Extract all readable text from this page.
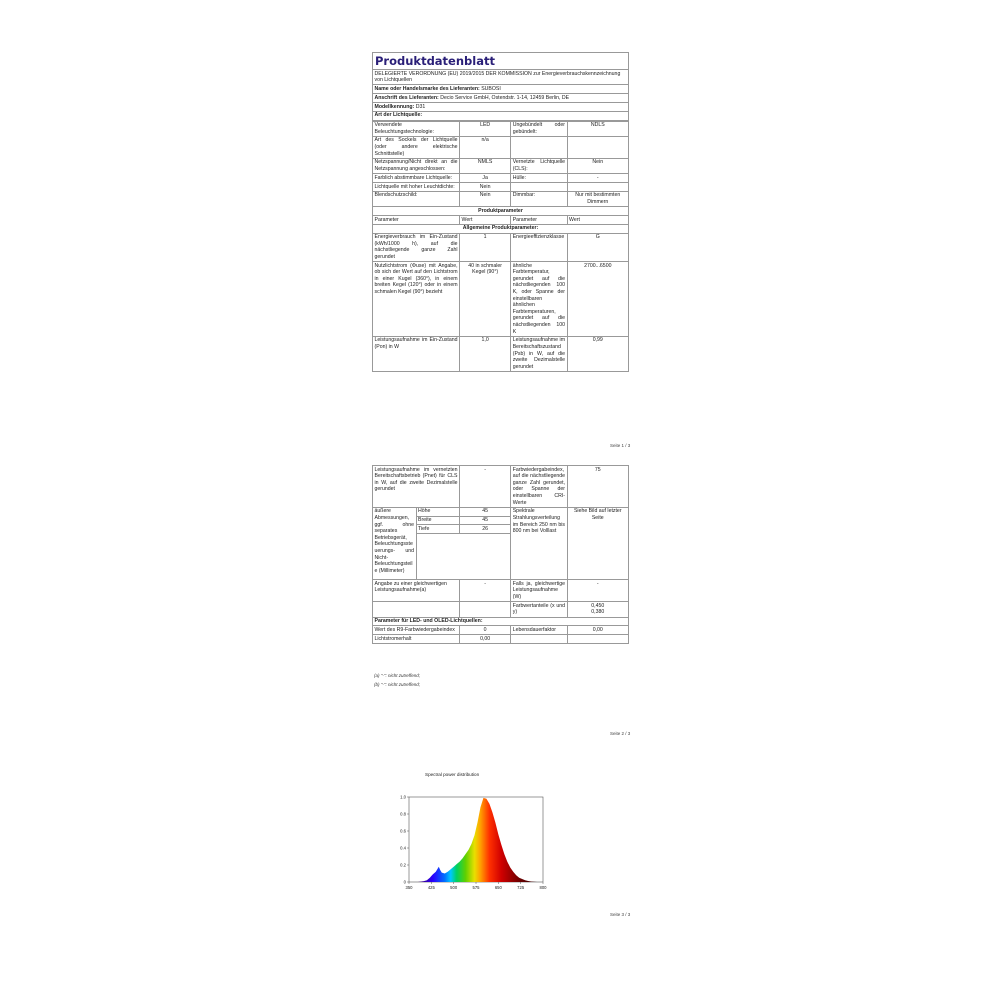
Produktdatenblatt
DELEGIERTE VERORDNUNG (EU) 2019/2015 DER KOMMISSION zur Energieverbrauchskennzeichnung von Lichtquellen
Name oder Handelsmarke des Lieferanten: SUBOSI
Anschrift des Lieferanten: Decio Service GmbH, Ostendstr. 1-14, 12459 Berlin, DE
Modellkennung: D31
Art der Lichtquelle:
Verwendete Beleuchtungstechnologie:	LED	Ungebündelt oder gebündelt:	NDLS
Art des Sockels der Lichtquelle (oder andere elektrische Schnittstelle)	n/a		
Netzspannung/Nicht direkt an die Netzspannung angeschlossen:	NMLS	Vernetzte Lichtquelle (CLS):	Nein
Farblich abstimmbare Lichtquelle:	Ja	Hülle:	-
Lichtquelle mit hoher Leuchtdichte:	Nein		
Blendschutzschild:	Nein	Dimmbar:	Nur mit bestimmten Dimmern
Produktparameter			
Parameter	Wert	Parameter	Wert
Allgemeine Produktparameter:			
Energieverbrauch im Ein-Zustand (kWh/1000 h), auf die nächstliegende ganze Zahl gerundet	1	Energieeffizienzklasse	G
Nutzlichtstrom (Φuse) mit Angabe, ob sich der Wert auf den Lichtstrom in einer Kugel (360°), in einem breiten Kegel (120°) oder in einem schmalen Kegel (90°) bezieht	40 in schmaler Kegel (90°)	ähnliche Farbtemperatur, gerundet auf die nächstliegenden 100 K, oder Spanne der einstellbaren ähnlichen Farbtemperaturen, gerundet auf die nächstliegenden 100 K	2700...6500
Leistungsaufnahme im Ein-Zustand (Pon) in W	1,0	Leistungsaufnahme im Bereitschaftszustand (Psb) in W, auf die zweite Dezimalstelle gerundet	0,99
Seite 1 / 3
Leistungsaufnahme im vernetzten Bereitschaftsbetrieb (Pnet) für CLS in W, auf die zweite Dezimalstelle gerundet		-	Farbwiedergabeindex, auf die nächstliegende ganze Zahl gerundet, oder Spanne der einstellbaren CRI-Werte	75
äußere Abmessungen, ggf. ohne separates Betriebsgerät, Beleuchtungssteuerungs- und Nicht-Beleuchtungsteile (Millimeter)	Höhe	45	Spektrale Strahlungsverteilung im Bereich 250 nm bis 800 nm bei Volllast	Siehe Bild auf letzter Seite
	Breite	45		
	Tiefe	26		

Angabe zu einer gleichwertigen Leistungsaufnahme(a)		-	Falls ja, gleichwertige Leistungsaufnahme (W)	-
			Farbwertanteile (x und y)	0,450
0,380

Parameter für LED- und OLED-Lichtquellen:				
Wert des R9-Farbwiedergabeindex		0	Lebensdauerfaktor	0,00
Lichtstromerhalt		0,00		
(a) "-": nicht zutreffend;
(b) "-": nicht zutreffend;
Seite 2 / 3
Spectral power distribution
0
0.2
0.4
0.6
0.8
1.0
350	425	500	575	650	725	800
Seite 3 / 3
